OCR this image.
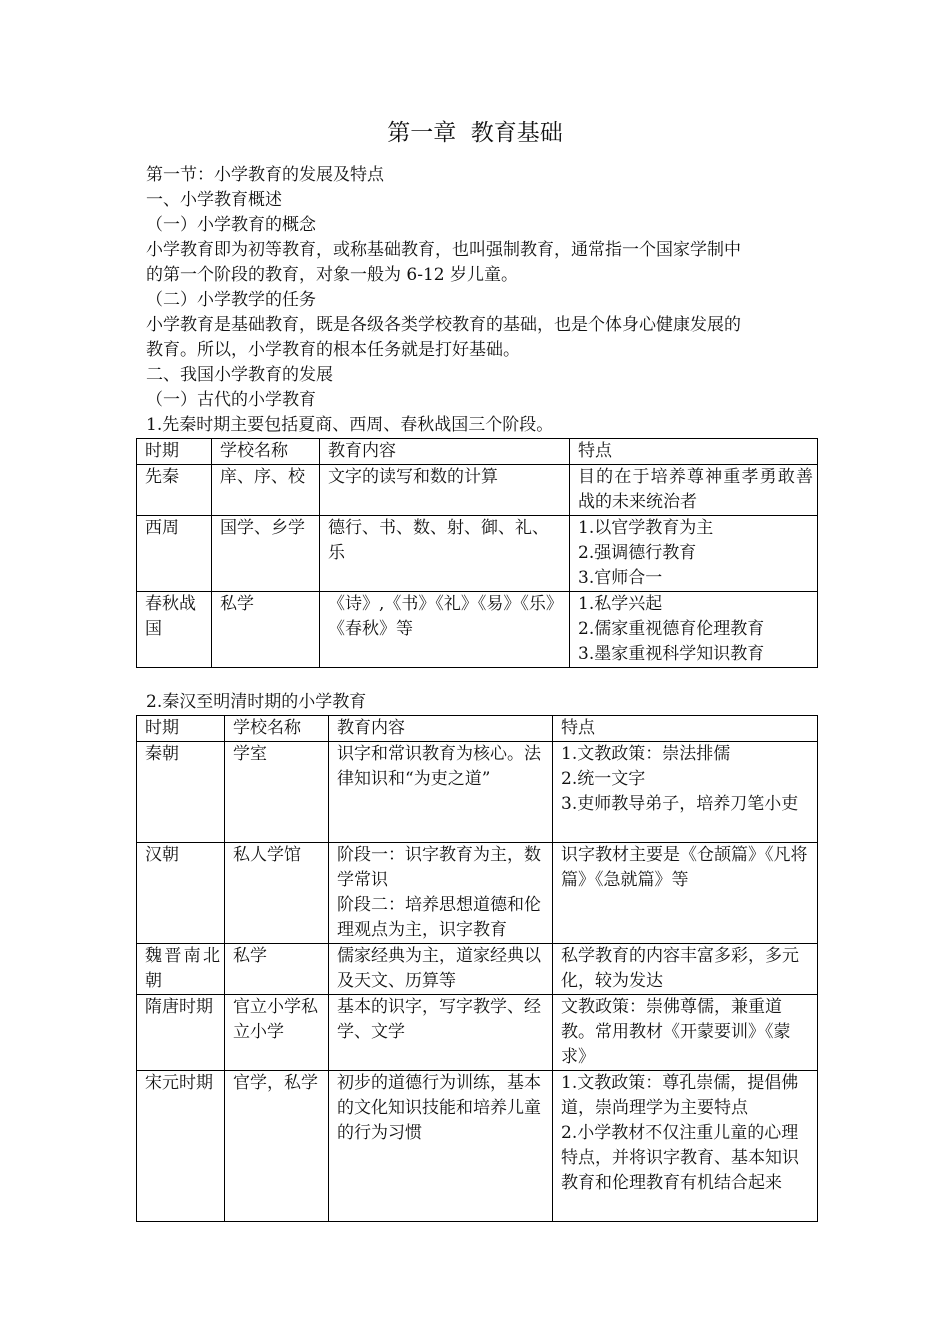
第一章  教育基础
第一节：小学教育的发展及特点
一、小学教育概述
（一）小学教育的概念
小学教育即为初等教育，或称基础教育，也叫强制教育，通常指一个国家学制中
的第一个阶段的教育，对象一般为 6-12 岁儿童。
（二）小学教学的任务
小学教育是基础教育，既是各级各类学校教育的基础，也是个体身心健康发展的
教育。所以，小学教育的根本任务就是打好基础。
二、我国小学教育的发展
（一）古代的小学教育
1.先秦时期主要包括夏商、西周、春秋战国三个阶段。
时期	学校名称	教育内容	特点
先秦	庠、序、校	文字的读写和数的计算	目的在于培养尊神重孝勇敢善战的未来统治者

西周	国学、乡学	德行、书、数、射、御、礼、乐	1.以官学教育为主
2.强调德行教育
3.官师合一

春秋战国	私学	《诗》,《书》《礼》《易》《乐》《春秋》等	1.私学兴起
2.儒家重视德育伦理教育
3.墨家重视科学知识教育
2.秦汉至明清时期的小学教育
时期	学校名称	教育内容	特点
秦朝	学室	识字和常识教育为核心。法律知识和“为吏之道”	1.文教政策：崇法排儒
2.统一文字
3.吏师教导弟子，培养刀笔小吏

汉朝	私人学馆	阶段一：识字教育为主，数学常识
阶段二：培养思想道德和伦理观点为主，识字教育	识字教材主要是《仓颉篇》《凡将篇》《急就篇》等

魏晋南北朝	私学	儒家经典为主，道家经典以及天文、历算等	私学教育的内容丰富多彩，多元化，较为发达

隋唐时期	官立小学私立小学	基本的识字，写字教学、经学、文学	文教政策：崇佛尊儒，兼重道教。常用教材《开蒙要训》《蒙求》

宋元时期	官学，私学	初步的道德行为训练，基本的文化知识技能和培养儿童的行为习惯	1.文教政策：尊孔崇儒，提倡佛道，崇尚理学为主要特点
2.小学教材不仅注重儿童的心理特点，并将识字教育、基本知识教育和伦理教育有机结合起来
